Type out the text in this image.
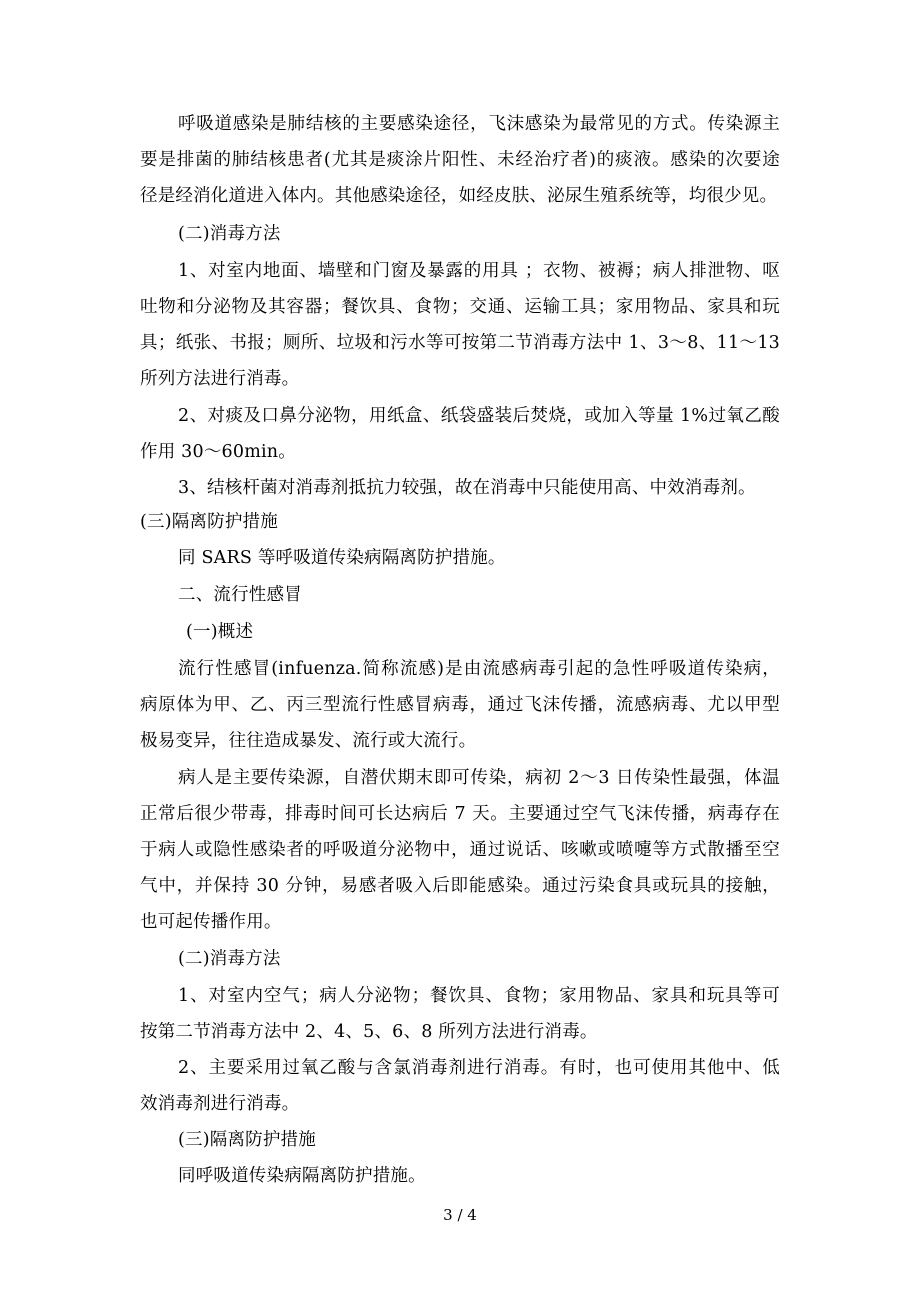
呼吸道感染是肺结核的主要感染途径，飞沫感染为最常见的方式。传染源主
要是排菌的肺结核患者(尤其是痰涂片阳性、未经治疗者)的痰液。感染的次要途
径是经消化道进入体内。其他感染途径，如经皮肤、泌尿生殖系统等，均很少见。
(二)消毒方法
1、对室内地面、墙壁和门窗及暴露的用具 ；衣物、被褥；病人排泄物、呕
吐物和分泌物及其容器；餐饮具、食物；交通、运输工具；家用物品、家具和玩
具；纸张、书报；厕所、垃圾和污水等可按第二节消毒方法中 1、3～8、11～13
所列方法进行消毒。
2、对痰及口鼻分泌物，用纸盒、纸袋盛装后焚烧，或加入等量 1%过氧乙酸
作用 30～60min。
3、结核杆菌对消毒剂抵抗力较强，故在消毒中只能使用高、中效消毒剂。
(三)隔离防护措施
同 SARS 等呼吸道传染病隔离防护措施。
二、流行性感冒
(一)概述
流行性感冒(infuenza.简称流感)是由流感病毒引起的急性呼吸道传染病，
病原体为甲、乙、丙三型流行性感冒病毒，通过飞沫传播，流感病毒、尤以甲型
极易变异，往往造成暴发、流行或大流行。
病人是主要传染源，自潜伏期末即可传染，病初 2～3 日传染性最强，体温
正常后很少带毒，排毒时间可长达病后 7 天。主要通过空气飞沫传播，病毒存在
于病人或隐性感染者的呼吸道分泌物中，通过说话、咳嗽或喷嚏等方式散播至空
气中，并保持 30 分钟，易感者吸入后即能感染。通过污染食具或玩具的接触，
也可起传播作用。
(二)消毒方法
1、对室内空气；病人分泌物；餐饮具、食物；家用物品、家具和玩具等可
按第二节消毒方法中 2、4、5、6、8 所列方法进行消毒。
2、主要采用过氧乙酸与含氯消毒剂进行消毒。有时，也可使用其他中、低
效消毒剂进行消毒。
(三)隔离防护措施
同呼吸道传染病隔离防护措施。
3 / 4
